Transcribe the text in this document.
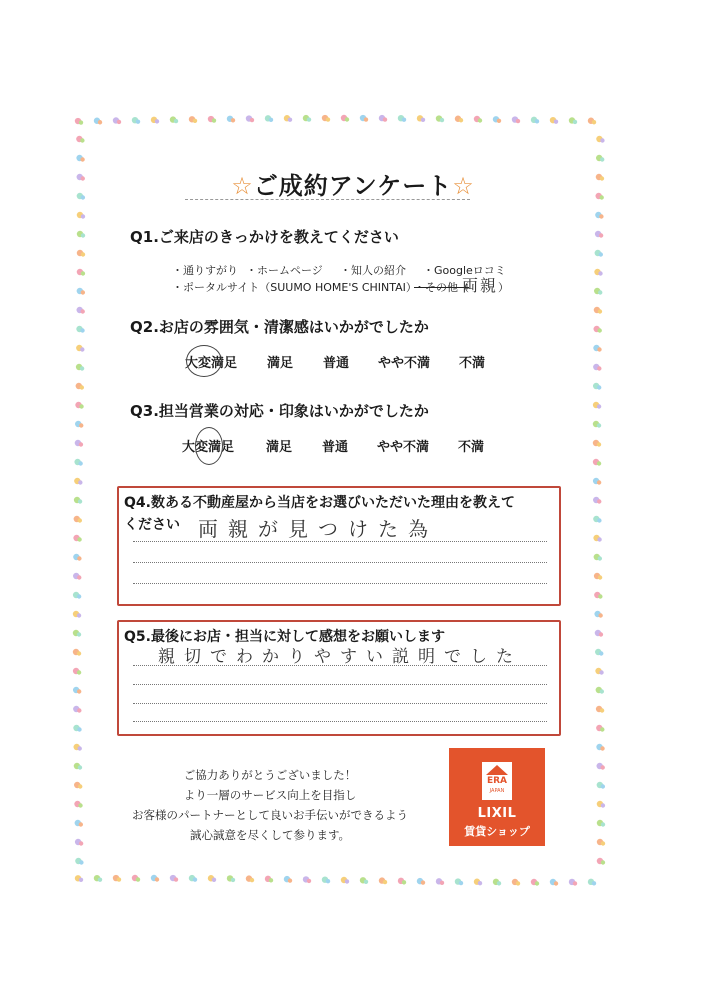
☆ご成約アンケート☆
Q1.ご来店のきっかけを教えてください
・通りすがり ・ホームページ ・知人の紹介 ・Googleロコミ
・ポータルサイト（SUUMO HOME'S CHINTAI）
・その他（
両親 ）
Q2.お店の雰囲気・清潔感はいかがでしたか
大変満足 満足 普通 やや不満 不満
Q3.担当営業の対応・印象はいかがでしたか
大変満足 満足 普通 やや不満 不満
Q4.数ある不動産屋から当店をお選びいただいた理由を教えて
ください 両親が見つけた為
Q5.最後にお店・担当に対して感想をお願いします
親切でわかりやすい説明でした
ご協力ありがとうございました！
より一層のサービス向上を目指し
お客様のパートナーとして良いお手伝いができるよう
誠心誠意を尽くして参ります。
ERA
JAPAN
LIXIL
賃貸ショップ
